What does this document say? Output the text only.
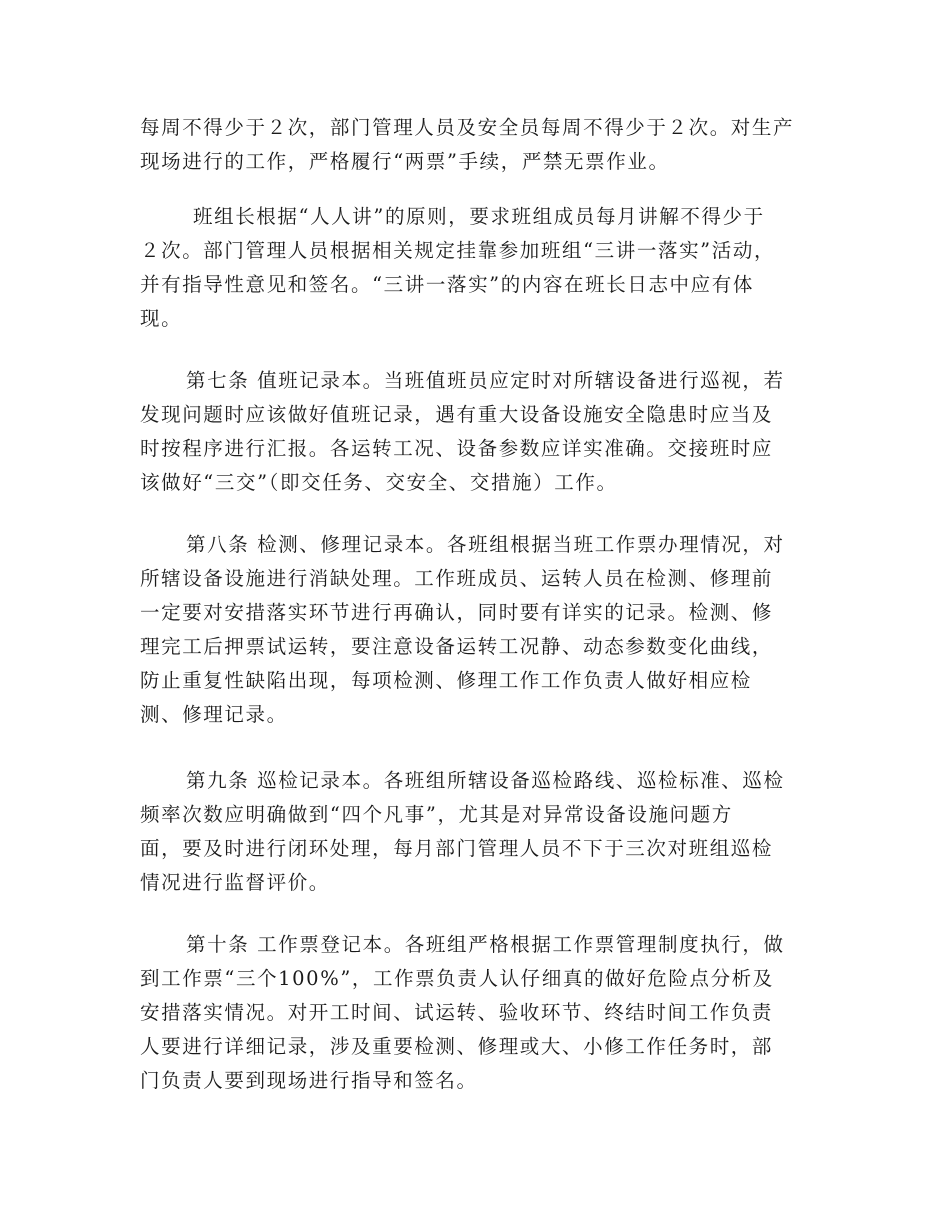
每周不得少于２次，部门管理人员及安全员每周不得少于２次。对生产
现场进行的工作，严格履行“两票”手续，严禁无票作业。
班组长根据“人人讲”的原则，要求班组成员每月讲解不得少于
２次。部门管理人员根据相关规定挂靠参加班组“三讲一落实”活动，
并有指导性意见和签名。“三讲一落实”的内容在班长日志中应有体
现。
第七条 值班记录本。当班值班员应定时对所辖设备进行巡视，若
发现问题时应该做好值班记录，遇有重大设备设施安全隐患时应当及
时按程序进行汇报。各运转工况、设备参数应详实准确。交接班时应
该做好“三交”（即交任务、交安全、交措施）工作。
第八条 检测、修理记录本。各班组根据当班工作票办理情况，对
所辖设备设施进行消缺处理。工作班成员、运转人员在检测、修理前
一定要对安措落实环节进行再确认，同时要有详实的记录。检测、修
理完工后押票试运转，要注意设备运转工况静、动态参数变化曲线，
防止重复性缺陷出现，每项检测、修理工作工作负责人做好相应检
测、修理记录。
第九条 巡检记录本。各班组所辖设备巡检路线、巡检标准、巡检
频率次数应明确做到“四个凡事”，尤其是对异常设备设施问题方
面，要及时进行闭环处理，每月部门管理人员不下于三次对班组巡检
情况进行监督评价。
第十条 工作票登记本。各班组严格根据工作票管理制度执行，做
到工作票“三个100%”，工作票负责人认仔细真的做好危险点分析及
安措落实情况。对开工时间、试运转、验收环节、终结时间工作负责
人要进行详细记录，涉及重要检测、修理或大、小修工作任务时，部
门负责人要到现场进行指导和签名。
